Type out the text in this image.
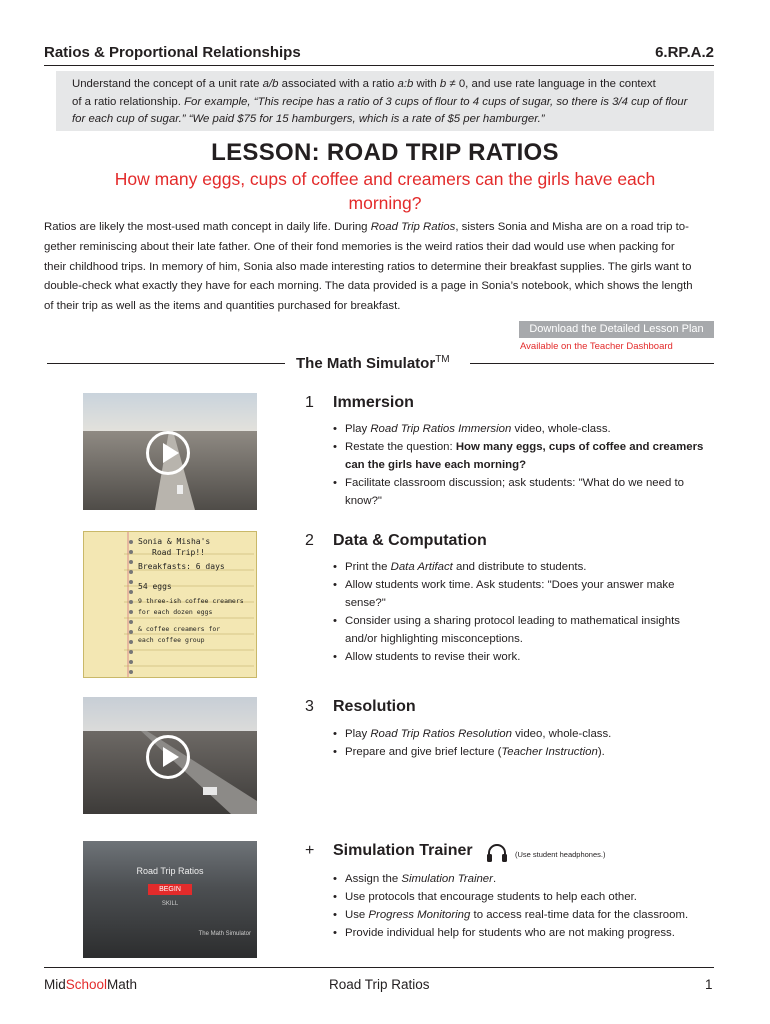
Ratios & Proportional Relationships	6.RP.A.2
Understand the concept of a unit rate a/b associated with a ratio a:b with b ≠ 0, and use rate language in the context
of a ratio relationship. For example, “This recipe has a ratio of 3 cups of flour to 4 cups of sugar, so there is 3/4 cup of flour
for each cup of sugar.” “We paid $75 for 15 hamburgers, which is a rate of $5 per hamburger.”
LESSON: ROAD TRIP RATIOS
How many eggs, cups of coffee and creamers can the girls have each
morning?
Ratios are likely the most-used math concept in daily life. During Road Trip Ratios, sisters Sonia and Misha are on a road trip to-
gether reminiscing about their late father. One of their fond memories is the weird ratios their dad would use when packing for
their childhood trips. In memory of him, Sonia also made interesting ratios to determine their breakfast supplies. The girls want to
double-check what exactly they have for each morning. The data provided is a page in Sonia’s notebook, which shows the length
of their trip as well as the items and quantities purchased for breakfast.
Download the Detailed Lesson Plan
Available on the Teacher Dashboard
The Math Simulator™
1 Immersion
• Play Road Trip Ratios Immersion video, whole-class.
• Restate the question: How many eggs, cups of coffee and creamers can the girls have each morning?
• Facilitate classroom discussion; ask students: "What do we need to know?"
Sonia & Misha's
Road Trip!!
Breakfasts: 6 days
54 eggs
9 three-ish coffee creamers
for each dozen eggs
& coffee creamers for
each coffee group
2 Data & Computation
• Print the Data Artifact and distribute to students.
• Allow students work time. Ask students: "Does your answer make sense?"
• Consider using a sharing protocol leading to mathematical insights and/or highlighting misconceptions.
• Allow students to revise their work.
3 Resolution
• Play Road Trip Ratios Resolution video, whole-class.
• Prepare and give brief lecture (Teacher Instruction).
Road Trip Ratios
BEGIN
SKILL
The Math Simulator
+ Simulation Trainer	(Use student headphones.)
• Assign the Simulation Trainer.
• Use protocols that encourage students to help each other.
• Use Progress Monitoring to access real-time data for the classroom.
• Provide individual help for students who are not making progress.
MidSchoolMath	Road Trip Ratios	1
